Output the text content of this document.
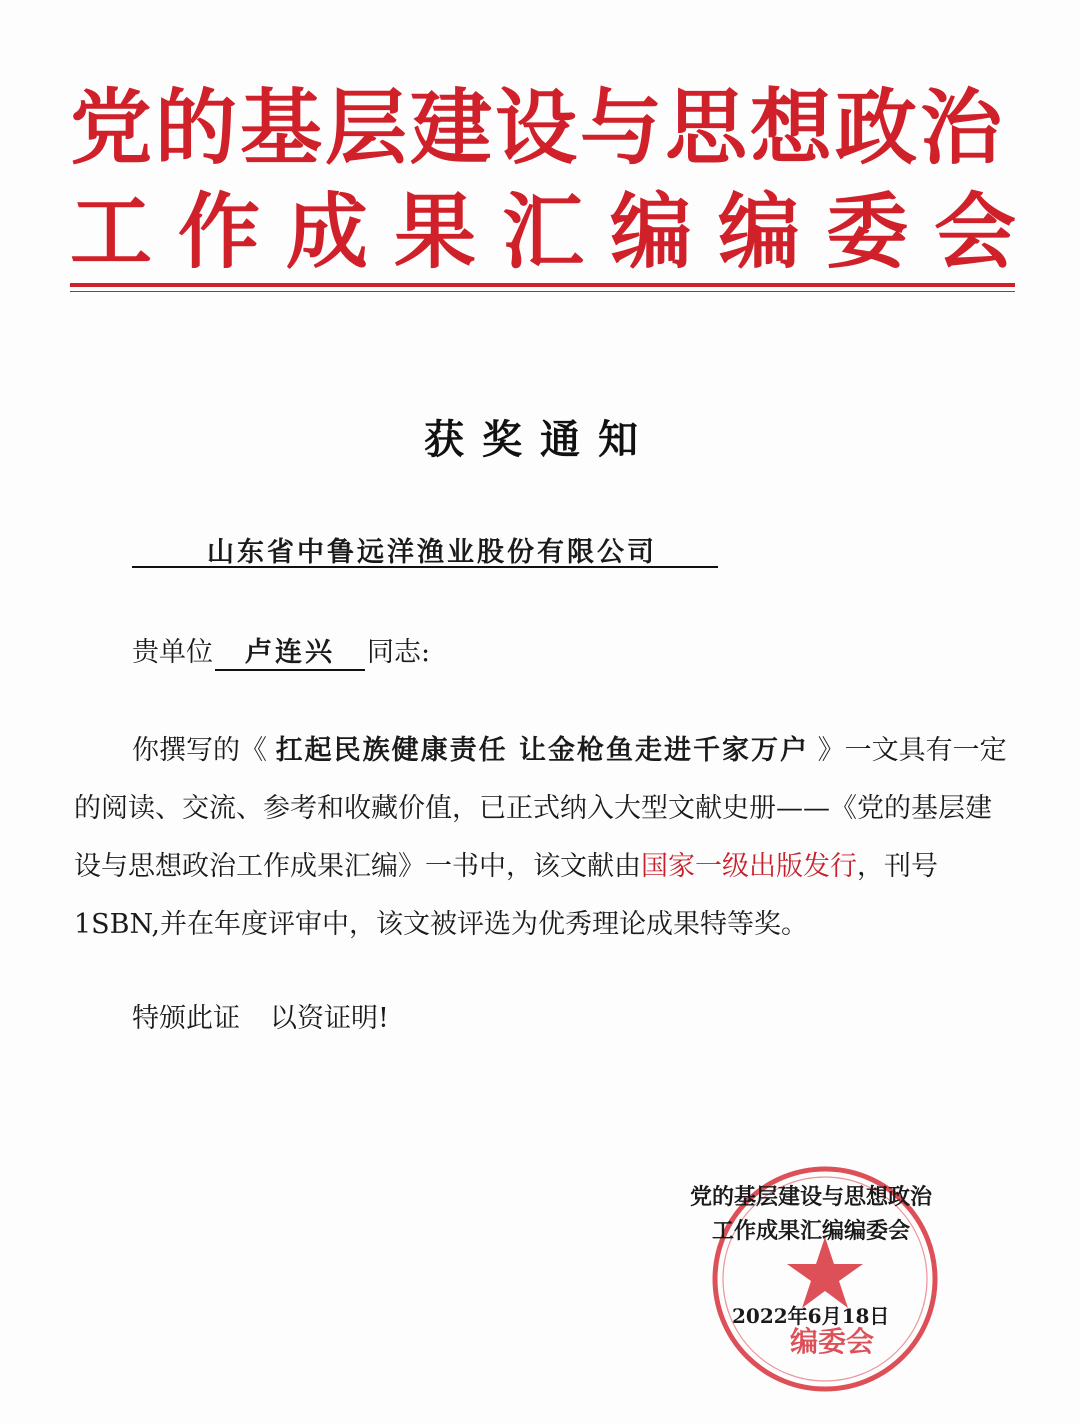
党的基层建设与思想政治
工作成果汇编编委会
获奖通知
山东省中鲁远洋渔业股份有限公司
贵单位 卢连兴 同志:
你撰写的《 扛起民族健康责任 让金枪鱼走进千家万户 》一文具有一定的阅读、交流、参考和收藏价值，已正式纳入大型文献史册——《党的基层建设与思想政治工作成果汇编》一书中，该文献由国家一级出版发行，刊号1SBN,并在年度评审中，该文被评选为优秀理论成果特等奖。
特颁此证 以资证明!
编委会
党的基层建设与思想政治
工作成果汇编编委会
2022年6月18日
